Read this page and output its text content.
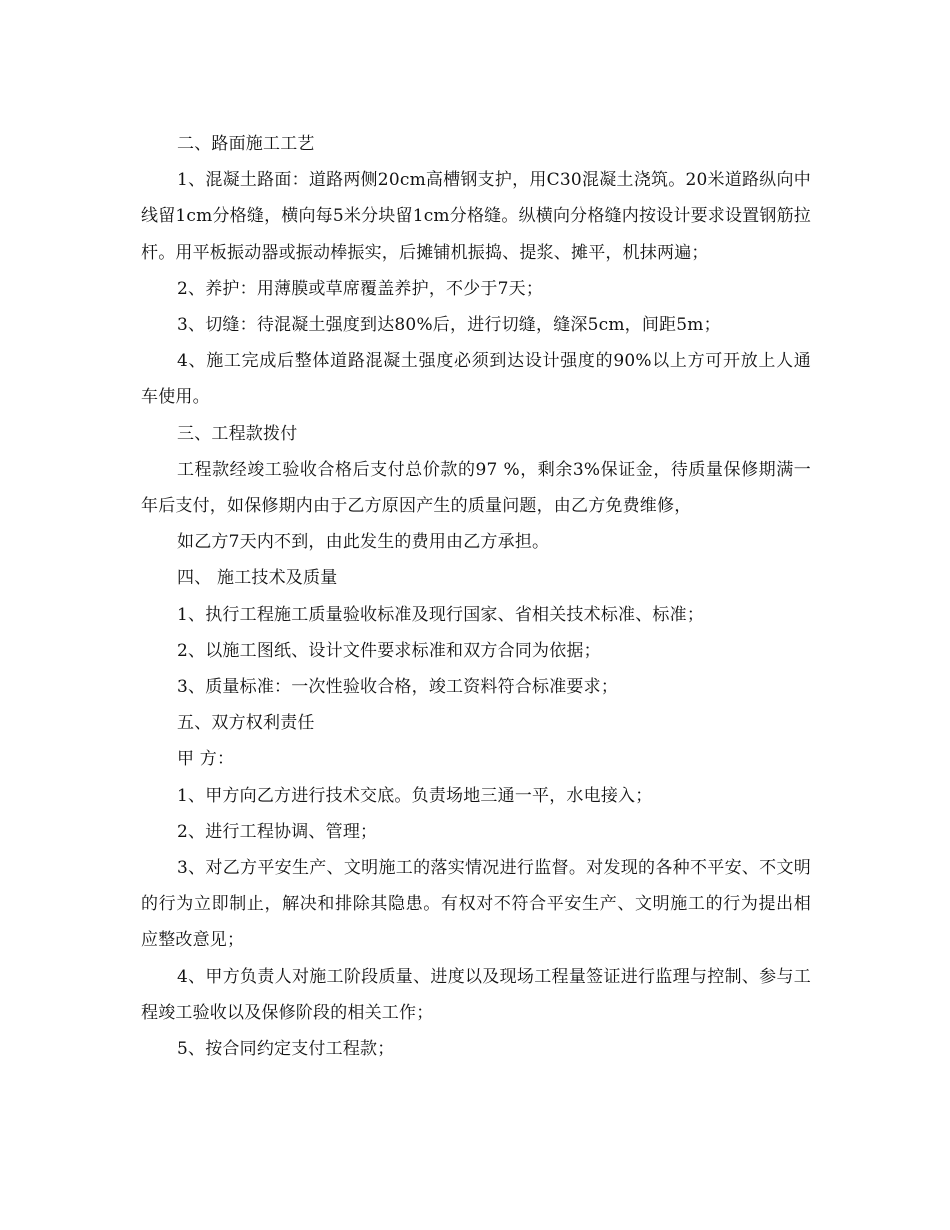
二、路面施工工艺

1、混凝土路面：道路两侧20cm高槽钢支护，用C30混凝土浇筑。20米道路纵向中线留1cm分格缝，横向每5米分块留1cm分格缝。纵横向分格缝内按设计要求设置钢筋拉杆。用平板振动器或振动棒振实，后摊铺机振捣、提浆、摊平，机抹两遍；

2、养护：用薄膜或草席覆盖养护，不少于7天；

3、切缝：待混凝土强度到达80%后，进行切缝，缝深5cm，间距5m；

4、施工完成后整体道路混凝土强度必须到达设计强度的90%以上方可开放上人通车使用。

三、工程款拨付

工程款经竣工验收合格后支付总价款的97 %，剩余3%保证金，待质量保修期满一年后支付，如保修期内由于乙方原因产生的质量问题，由乙方免费维修，

如乙方7天内不到，由此发生的费用由乙方承担。

四、 施工技术及质量

1、执行工程施工质量验收标准及现行国家、省相关技术标准、标准；

2、以施工图纸、设计文件要求标准和双方合同为依据；

3、质量标准：一次性验收合格，竣工资料符合标准要求；

五、双方权利责任

甲 方：

1、甲方向乙方进行技术交底。负责场地三通一平，水电接入；

2、进行工程协调、管理；

3、对乙方平安生产、文明施工的落实情况进行监督。对发现的各种不平安、不文明的行为立即制止，解决和排除其隐患。有权对不符合平安生产、文明施工的行为提出相应整改意见；

4、甲方负责人对施工阶段质量、进度以及现场工程量签证进行监理与控制、参与工程竣工验收以及保修阶段的相关工作；

5、按合同约定支付工程款；
